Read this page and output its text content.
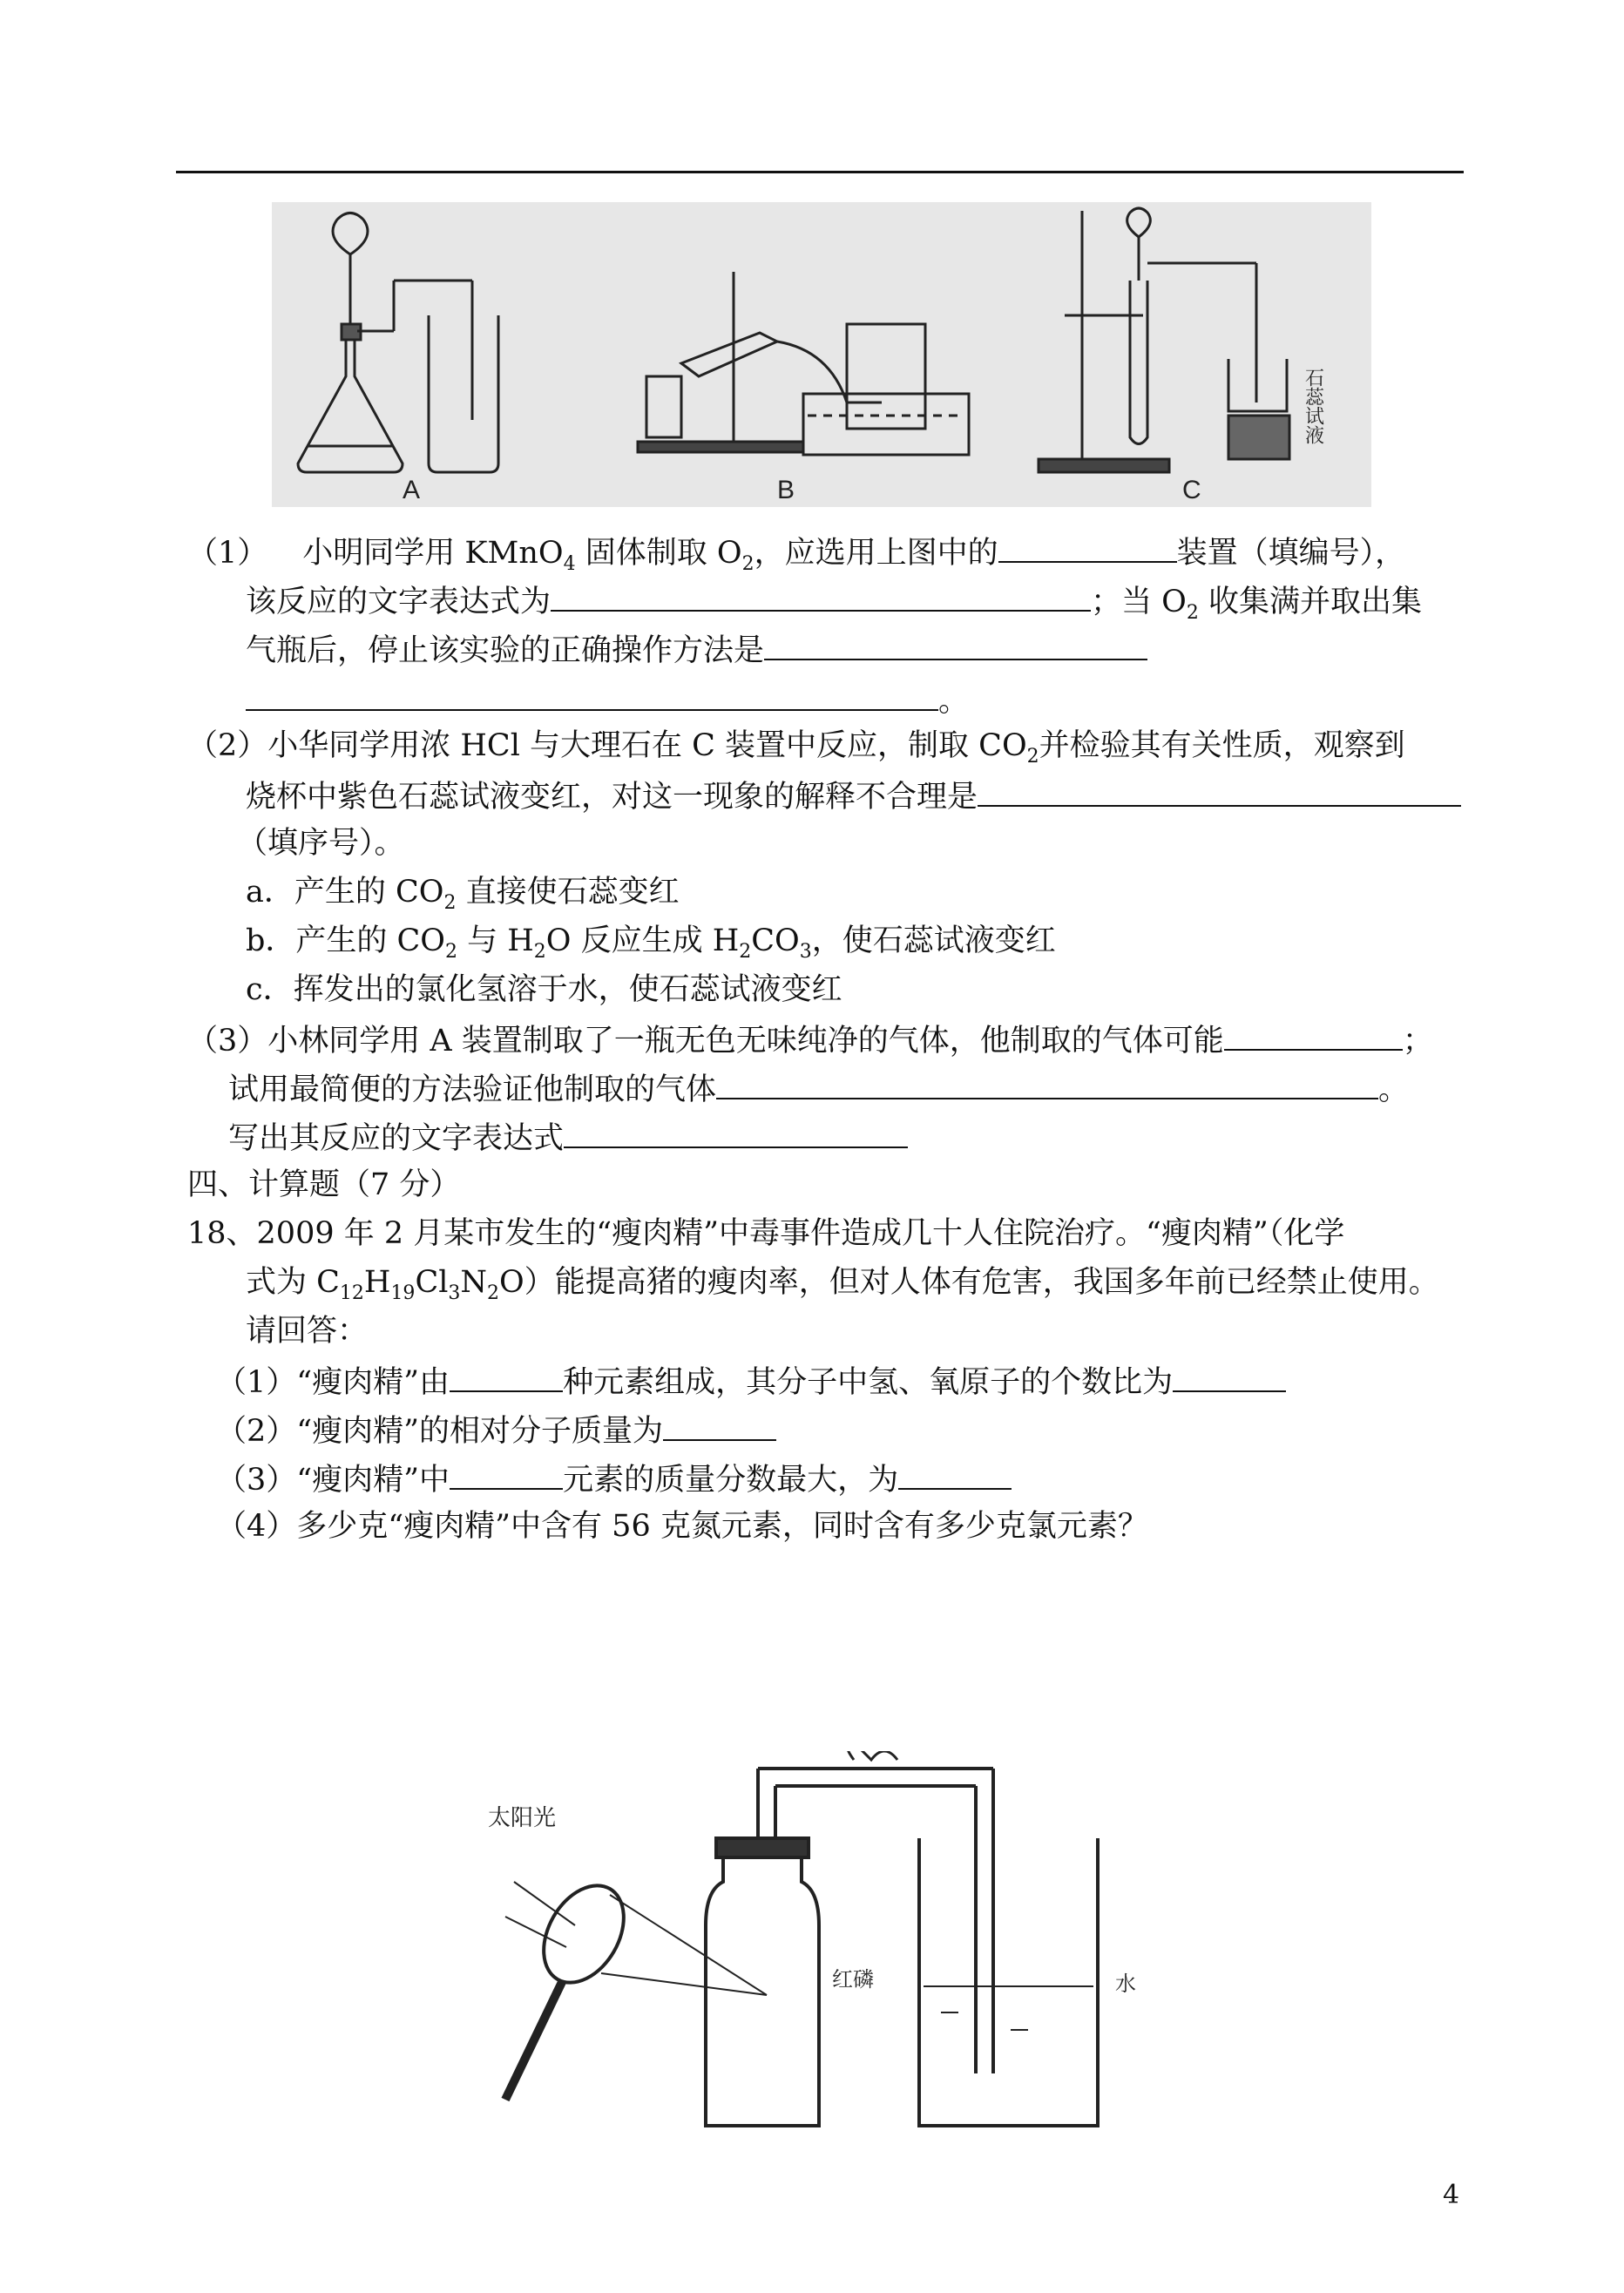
A	B	C
石蕊试液
（1） 小明同学用 KMnO$_4$ 固体制取 $O_2$，应选用上图中的	装置（填编号），
该反应的文字表达式为	；当 $O_2$ 收集满并取出集
气瓶后，停止该实验的正确操作方法是
。
（2）小华同学用浓 HCl 与大理石在 C 装置中反应，制取 $CO_2$并检验其有关性质，观察到
烧杯中紫色石蕊试液变红，对这一现象的解释不合理是
（填序号）。
a．产生的 $CO_2$ 直接使石蕊变红
b．产生的 $CO_2$ 与 $H_2O$ 反应生成 $H_2CO_3$，使石蕊试液变红
c．挥发出的氯化氢溶于水，使石蕊试液变红
（3）小林同学用 A 装置制取了一瓶无色无味纯净的气体，他制取的气体可能	；
试用最简便的方法验证他制取的气体	。
写出其反应的文字表达式
四、计算题（7 分）
18、2009 年 2 月某市发生的“瘦肉精”中毒事件造成几十人住院治疗。“瘦肉精”（化学
式为 $C_{12}H_{19}Cl_3N_2O$）能提高猪的瘦肉率，但对人体有危害，我国多年前已经禁止使用。
请回答：
（1）“瘦肉精”由	种元素组成，其分子中氢、氧原子的个数比为
（2）“瘦肉精”的相对分子质量为
（3）“瘦肉精”中	元素的质量分数最大，为
（4）多少克“瘦肉精”中含有 56 克氮元素，同时含有多少克氯元素？
太阳光
红磷	水
4
